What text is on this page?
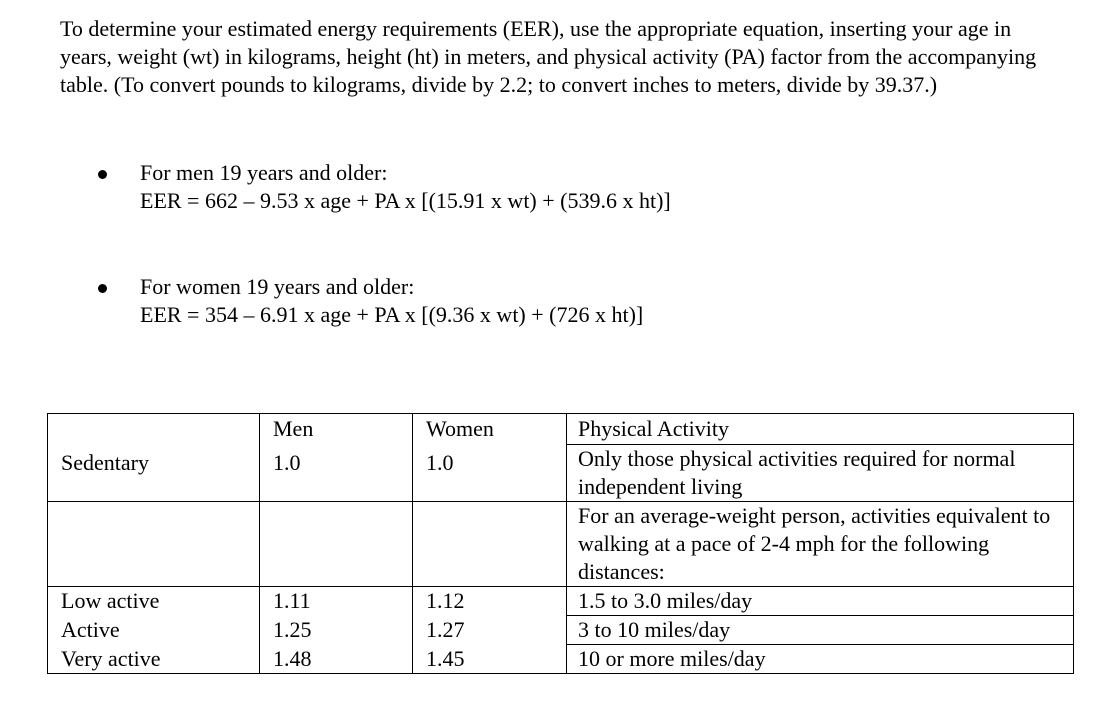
To determine your estimated energy requirements (EER), use the appropriate equation, inserting your age in years, weight (wt) in kilograms, height (ht) in meters, and physical activity (PA) factor from the accompanying table. (To convert pounds to kilograms, divide by 2.2; to convert inches to meters, divide by 39.37.)

For men 19 years and older:
EER = 662 – 9.53 x age + PA x [(15.91 x wt) + (539.6 x ht)]
For women 19 years and older:
EER = 354 – 6.91 x age + PA x [(9.36 x wt) + (726 x ht)]
	Men	Women	Physical Activity
Sedentary	1.0	1.0	Only those physical activities required for normal independent living
			For an average-weight person, activities equivalent to walking at a pace of 2-4 mph for the following distances:
Low active	1.11	1.12	1.5 to 3.0 miles/day
Active	1.25	1.27	3 to 10 miles/day
Very active	1.48	1.45	10 or more miles/day
